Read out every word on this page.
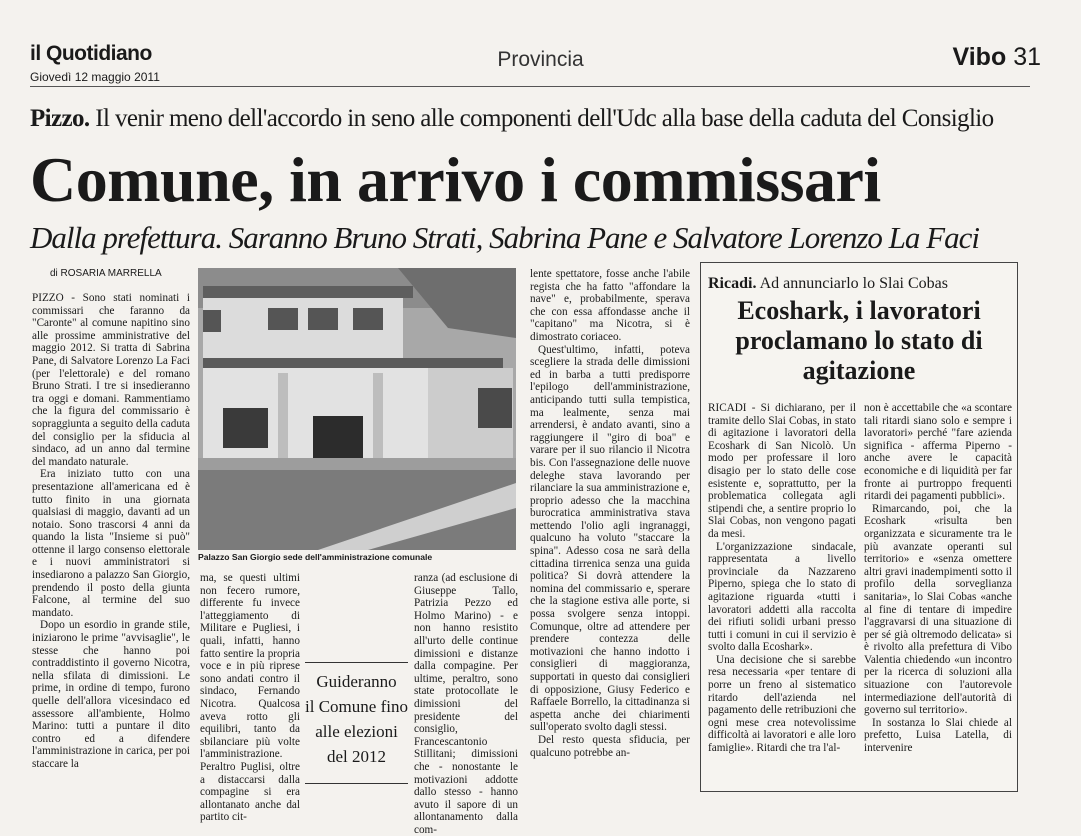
il Quotidiano
Giovedì 12 maggio 2011
Provincia	Vibo 31
Pizzo. Il venir meno dell'accordo in seno alle componenti dell'Udc alla base della caduta del Consiglio
Comune, in arrivo i commissari
Dalla prefettura. Saranno Bruno Strati, Sabrina Pane e Salvatore Lorenzo La Faci
di ROSARIA MARRELLA

PIZZO - Sono stati nominati i commissari che faranno da "Caronte" al comune napitino sino alle prossime amministrative del maggio 2012. Si tratta di Sabrina Pane, di Salvatore Lorenzo La Faci (per l'elettorale) e del romano Bruno Strati. I tre si insedieranno tra oggi e domani. Rammentiamo che la figura del commissario è sopraggiunta a seguito della caduta del consiglio per la sfiducia al sindaco, ad un anno dal termine del mandato naturale.

Era iniziato tutto con una presentazione all'americana ed è tutto finito in una giornata qualsiasi di maggio, davanti ad un notaio. Sono trascorsi 4 anni da quando la lista "Insieme si può" ottenne il largo consenso elettorale e i nuovi amministratori si insediarono a palazzo San Giorgio, prendendo il posto della giunta Falcone, al termine del suo mandato.

Dopo un esordio in grande stile, iniziarono le prime "avvisaglie", le stesse che hanno poi contraddistinto il governo Nicotra, nella sfilata di dimissioni. Le prime, in ordine di tempo, furono quelle dell'allora vicesindaco ed assessore all'ambiente, Holmo Marino: tutti a puntare il dito contro ed a difendere l'amministrazione in carica, per poi staccare la

Palazzo San Giorgio sede dell'amministrazione comunale

ma, se questi ultimi non fecero rumore, differente fu invece l'atteggiamento di Militare e Pugliesi, i quali, infatti, hanno fatto sentire la propria voce e in più riprese sono andati contro il sindaco, Fernando Nicotra. Qualcosa aveva rotto gli equilibri, tanto da sbilanciare più volte l'amministrazione. Peraltro Puglisi, oltre a distaccarsi dalla compagine si era allontanato anche dal partito cit-

Guideranno
il Comune fino
alle elezioni
del 2012

ranza (ad esclusione di Giuseppe Tallo, Patrizia Pezzo ed Holmo Marino) - e non hanno resistito all'urto delle continue dimissioni e distanze dalla compagine. Per ultime, peraltro, sono state protocollate le dimissioni del presidente del consiglio, Francescantonio Stillitani; dimissioni che - nonostante le motivazioni addotte dallo stesso - hanno avuto il sapore di un allontanamento dalla com-

lente spettatore, fosse anche l'abile regista che ha fatto "affondare la nave" e, probabilmente, sperava che con essa affondasse anche il "capitano" ma Nicotra, si è dimostrato coriaceo.

Quest'ultimo, infatti, poteva scegliere la strada delle dimissioni ed in barba a tutti predisporre l'epilogo dell'amministrazione, anticipando tutti sulla tempistica, ma lealmente, senza mai arrendersi, è andato avanti, sino a raggiungere il "giro di boa" e varare per il suo rilancio il Nicotra bis. Con l'assegnazione delle nuove deleghe stava lavorando per rilanciare la sua amministrazione e, proprio adesso che la macchina burocratica amministrativa stava mettendo l'olio agli ingranaggi, qualcuno ha voluto "staccare la spina". Adesso cosa ne sarà della cittadina tirrenica senza una guida politica? Si dovrà attendere la nomina del commissario e, sperare che la stagione estiva alle porte, si possa svolgere senza intoppi. Comunque, oltre ad attendere per prendere contezza delle motivazioni che hanno indotto i consiglieri di maggioranza, supportati in questo dai consiglieri di opposizione, Giusy Federico e Raffaele Borrello, la cittadinanza si aspetta anche dei chiarimenti sull'operato svolto dagli stessi.

Del resto questa sfiducia, per qualcuno potrebbe an-

Ricadi. Ad annunciarlo lo Slai Cobas
Ecoshark, i lavoratori proclamano lo stato di agitazione

RICADI - Si dichiarano, per il tramite dello Slai Cobas, in stato di agitazione i lavoratori della Ecoshark di San Nicolò. Un modo per professare il loro disagio per lo stato delle cose esistente e, soprattutto, per la problematica collegata agli stipendi che, a sentire proprio lo Slai Cobas, non vengono pagati da mesi.

L'organizzazione sindacale, rappresentata a livello provinciale da Nazzareno Piperno, spiega che lo stato di agitazione riguarda «tutti i lavoratori addetti alla raccolta dei rifiuti solidi urbani presso tutti i comuni in cui il servizio è svolto dalla Ecoshark».

Una decisione che si sarebbe resa necessaria «per tentare di porre un freno al sistematico ritardo dell'azienda nel pagamento delle retribuzioni che ogni mese crea notevolissime difficoltà ai lavoratori e alle loro famiglie». Ritardi che tra l'al-

non è accettabile che «a scontare tali ritardi siano solo e sempre i lavoratori» perché "fare azienda significa - afferma Piperno - anche avere le capacità economiche e di liquidità per far fronte ai purtroppo frequenti ritardi dei pagamenti pubblici».

Rimarcando, poi, che la Ecoshark «risulta ben organizzata e sicuramente tra le più avanzate operanti sul territorio» e «senza omettere altri gravi inadempimenti sotto il profilo della sorveglianza sanitaria», lo Slai Cobas «anche al fine di tentare di impedire l'aggravarsi di una situazione di per sé già oltremodo delicata» si è rivolto alla prefettura di Vibo Valentia chiedendo «un incontro per la ricerca di soluzioni alla situazione con l'autorevole intermediazione dell'autorità di governo sul territorio».

In sostanza lo Slai chiede al prefetto, Luisa Latella, di intervenire
